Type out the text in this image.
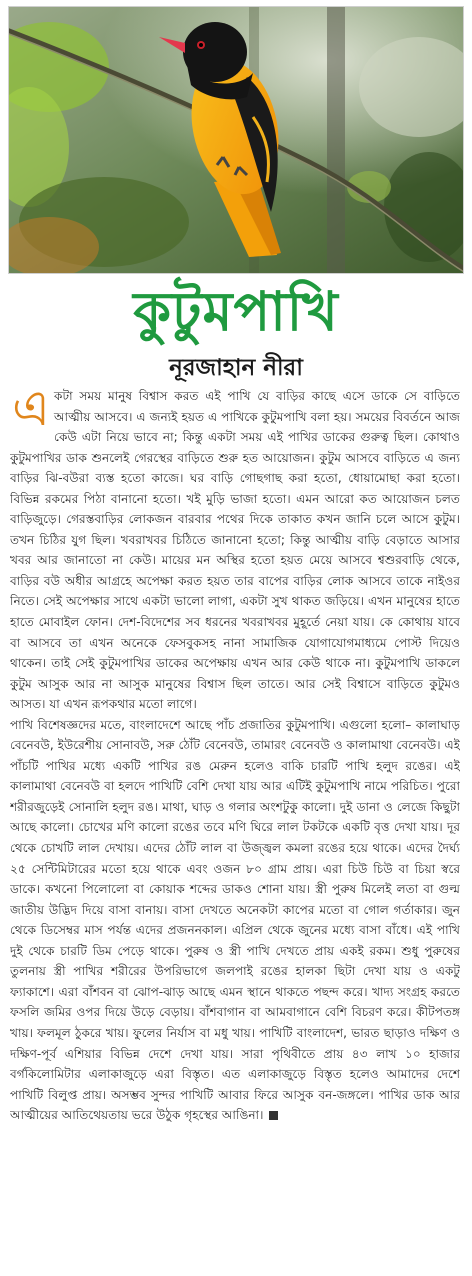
কুটুমপাখি
নূরজাহান নীরা

একটা সময় মানুষ বিশ্বাস করত এই পাখি যে বাড়ির কাছে এসে ডাকে সে বাড়িতে আত্মীয় আসবে। এ জন্যই হয়ত এ পাখিকে কুটুমপাখি বলা হয়। সময়ের বিবর্তনে আজ কেউ এটা নিয়ে ভাবে না; কিন্তু একটা সময় এই পাখির ডাকের গুরুত্ব ছিল। কোথাও কুটুমপাখির ডাক শুনলেই গেরস্থের বাড়িতে শুরু হত আয়োজন। কুটুম আসবে বাড়িতে এ জন্য বাড়ির ঝি-বউরা ব্যস্ত হতো কাজে। ঘর বাড়ি গোছগাছ করা হতো, ধোয়ামোছা করা হতো। বিভিন্ন রকমের পিঠা বানানো হতো। খই মুড়ি ভাজা হতো। এমন আরো কত আয়োজন চলত বাড়িজুড়ে। গেরস্তবাড়ির লোকজন বারবার পথের দিকে তাকাত কখন জানি চলে আসে কুটুম। তখন চিঠির যুগ ছিল। খবরাখবর চিঠিতে জানানো হতো; কিন্তু আত্মীয় বাড়ি বেড়াতে আসার খবর আর জানাতো না কেউ। মায়ের মন অস্থির হতো হয়ত মেয়ে আসবে শ্বশুরবাড়ি থেকে, বাড়ির বউ অধীর আগ্রহে অপেক্ষা করত হয়ত তার বাপের বাড়ির লোক আসবে তাকে নাইওর নিতে। সেই অপেক্ষার সাথে একটা ভালো লাগা, একটা সুখ থাকত জড়িয়ে। এখন মানুষের হাতে হাতে মোবাইল ফোন। দেশ-বিদেশের সব ধরনের খবরাখবর মুহূর্তে নেয়া যায়। কে কোথায় যাবে বা আসবে তা এখন অনেকে ফেসবুকসহ নানা সামাজিক যোগাযোগমাধ্যমে পোস্ট দিয়েও থাকেন। তাই সেই কুটুমপাখির ডাকের অপেক্ষায় এখন আর কেউ থাকে না। কুটুমপাখি ডাকলে কুটুম আসুক আর না আসুক মানুষের বিশ্বাস ছিল তাতে। আর সেই বিশ্বাসে বাড়িতে কুটুমও আসত। যা এখন রূপকথার মতো লাগে।

পাখি বিশেষজ্ঞদের মতে, বাংলাদেশে আছে পাঁচ প্রজাতির কুটুমপাখি। এগুলো হলো– কালাঘাড় বেনেবউ, ইউরেশীয় সোনাবউ, সরু ঠোঁট বেনেবউ, তামারং বেনেবউ ও কালামাথা বেনেবউ। এই পাঁচটি পাখির মধ্যে একটি পাখির রঙ মেরুন হলেও বাকি চারটি পাখি হলুদ রঙের। এই কালামাথা বেনেবউ বা হলদে পাখিটি বেশি দেখা যায় আর এটিই কুটুমপাখি নামে পরিচিত। পুরো শরীরজুড়েই সোনালি হলুদ রঙ। মাথা, ঘাড় ও গলার অংশটুকু কালো। দুই ডানা ও লেজে কিছুটা আছে কালো। চোখের মণি কালো রঙের তবে মণি ঘিরে লাল টকটকে একটি বৃত্ত দেখা যায়। দূর থেকে চোখটি লাল দেখায়। এদের ঠোঁট লাল বা উজ্জ্বল কমলা রঙের হয়ে থাকে। এদের দৈর্ঘ্য ২৫ সেন্টিমিটারের মতো হয়ে থাকে এবং ওজন ৮০ গ্রাম প্রায়। এরা চিউ চিউ বা চিয়া স্বরে ডাকে। কখনো পিলোলো বা কোয়াক শব্দের ডাকও শোনা যায়। স্ত্রী পুরুষ মিলেই লতা বা গুল্ম জাতীয় উদ্ভিদ দিয়ে বাসা বানায়। বাসা দেখতে অনেকটা কাপের মতো বা গোল গর্তাকার। জুন থেকে ডিসেম্বর মাস পর্যন্ত এদের প্রজননকাল। এপ্রিল থেকে জুনের মধ্যে বাসা বাঁধে। এই পাখি দুই থেকে চারটি ডিম পেড়ে থাকে। পুরুষ ও স্ত্রী পাখি দেখতে প্রায় একই রকম। শুধু পুরুষের তুলনায় স্ত্রী পাখির শরীরের উপরিভাগে জলপাই রঙের হালকা ছিটা দেখা যায় ও একটু ফ্যাকাশে। এরা বাঁশবন বা ঝোপ-ঝাড় আছে এমন স্থানে থাকতে পছন্দ করে। খাদ্য সংগ্রহ করতে ফসলি জমির ওপর দিয়ে উড়ে বেড়ায়। বাঁশবাগান বা আমবাগানে বেশি বিচরণ করে। কীটপতঙ্গ খায়। ফলমূল ঠুকরে খায়। ফুলের নির্যাস বা মধু খায়। পাখিটি বাংলাদেশ, ভারত ছাড়াও দক্ষিণ ও দক্ষিণ-পূর্ব এশিয়ার বিভিন্ন দেশে দেখা যায়। সারা পৃথিবীতে প্রায় ৪৩ লাখ ১০ হাজার বর্গকিলোমিটার এলাকাজুড়ে এরা বিস্তৃত। এত এলাকাজুড়ে বিস্তৃত হলেও আমাদের দেশে পাখিটি বিলুপ্ত প্রায়। অসম্ভব সুন্দর পাখিটি আবার ফিরে আসুক বন-জঙ্গলে। পাখির ডাক আর আত্মীয়ের আতিথেয়তায় ভরে উঠুক গৃহস্থের আঙিনা।
